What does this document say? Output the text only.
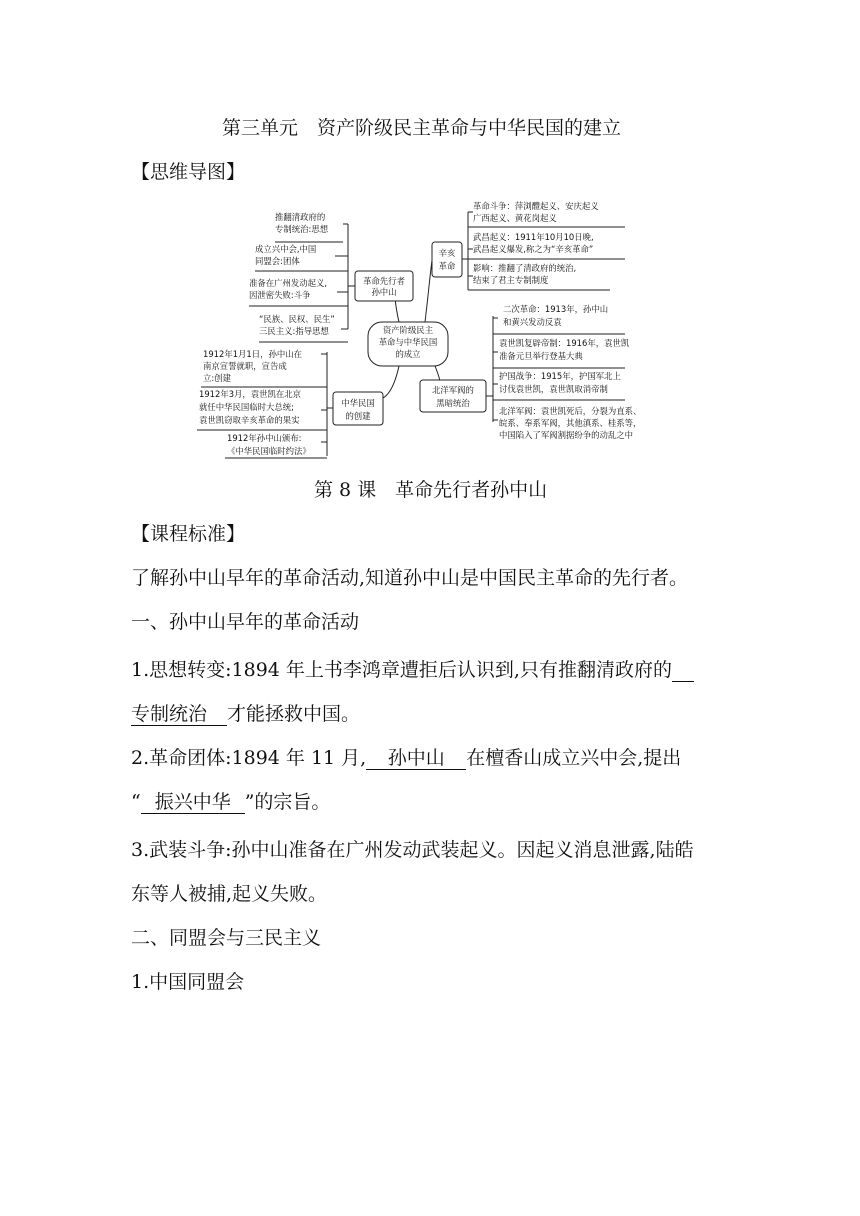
第三单元　资产阶级民主革命与中华民国的建立
【思维导图】
资产阶级民主
革命与中华民国
的成立
革命先行者
孙中山
推翻清政府的
专制统治:思想
成立兴中会,中国
同盟会:团体
准备在广州发动起义,
因泄密失败:斗争
“民族、民权、民生”
三民主义:指导思想
辛亥
革命
革命斗争：萍浏醴起义、安庆起义
广西起义、黄花岗起义
武昌起义：1911年10月10日晚,
武昌起义爆发,称之为“辛亥革命”
影响：推翻了清政府的统治,
结束了君主专制制度
中华民国
的创建
1912年1月1日，孙中山在
南京宣誓就职，宣告成
立:创建
1912年3月，袁世凯在北京
就任中华民国临时大总统;
袁世凯窃取辛亥革命的果实
1912年孙中山颁布:
《中华民国临时约法》
北洋军阀的
黑暗统治
二次革命：1913年，孙中山
和黄兴发动反袁
袁世凯复辟帝制：1916年，袁世凯
准备元旦举行登基大典
护国战争：1915年，护国军北上
讨伐袁世凯，袁世凯取消帝制
北洋军阀：袁世凯死后，分裂为直系、
皖系、奉系军阀，其他滇系、桂系等，
中国陷入了军阀割据纷争的动乱之中
第 8 课　革命先行者孙中山
【课程标准】
了解孙中山早年的革命活动,知道孙中山是中国民主革命的先行者。
一、孙中山早年的革命活动
1.思想转变:1894 年上书李鸿章遭拒后认识到,只有推翻清政府的
专制统治 才能拯救中国。
2.革命团体:1894 年 11 月, 孙中山 在檀香山成立兴中会,提出
“ 振兴中华 ”的宗旨。
3.武装斗争:孙中山准备在广州发动武装起义。因起义消息泄露,陆皓
东等人被捕,起义失败。
二、同盟会与三民主义
1.中国同盟会
